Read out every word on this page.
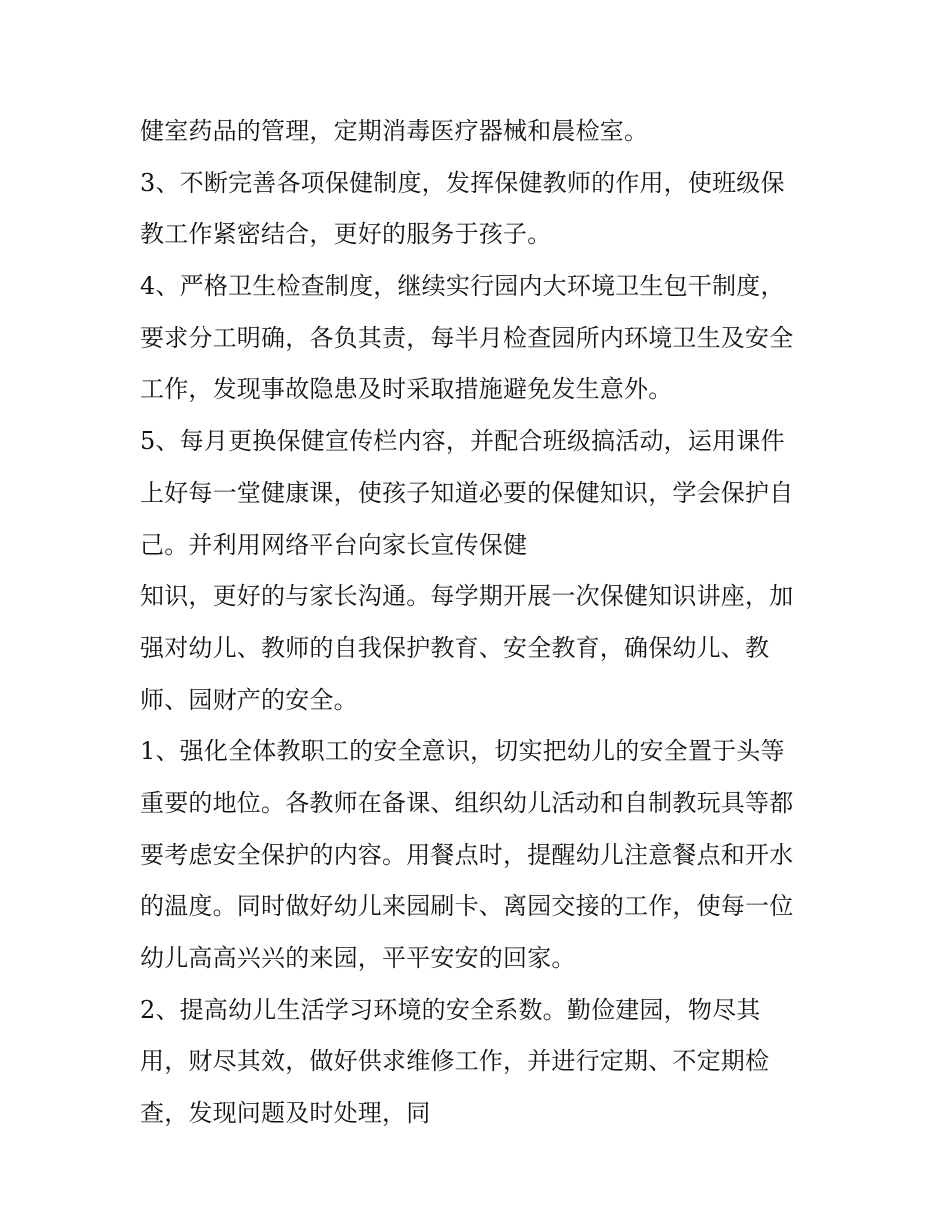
健室药品的管理，定期消毒医疗器械和晨检室。
3、不断完善各项保健制度，发挥保健教师的作用，使班级保
教工作紧密结合，更好的服务于孩子。
4、严格卫生检查制度，继续实行园内大环境卫生包干制度，
要求分工明确，各负其责，每半月检查园所内环境卫生及安全
工作，发现事故隐患及时采取措施避免发生意外。
5、每月更换保健宣传栏内容，并配合班级搞活动，运用课件
上好每一堂健康课，使孩子知道必要的保健知识，学会保护自
己。并利用网络平台向家长宣传保健
知识，更好的与家长沟通。每学期开展一次保健知识讲座，加
强对幼儿、教师的自我保护教育、安全教育，确保幼儿、教
师、园财产的安全。
1、强化全体教职工的安全意识，切实把幼儿的安全置于头等
重要的地位。各教师在备课、组织幼儿活动和自制教玩具等都
要考虑安全保护的内容。用餐点时，提醒幼儿注意餐点和开水
的温度。同时做好幼儿来园刷卡、离园交接的工作，使每一位
幼儿高高兴兴的来园，平平安安的回家。
2、提高幼儿生活学习环境的安全系数。勤俭建园，物尽其
用，财尽其效，做好供求维修工作，并进行定期、不定期检
查，发现问题及时处理，同
